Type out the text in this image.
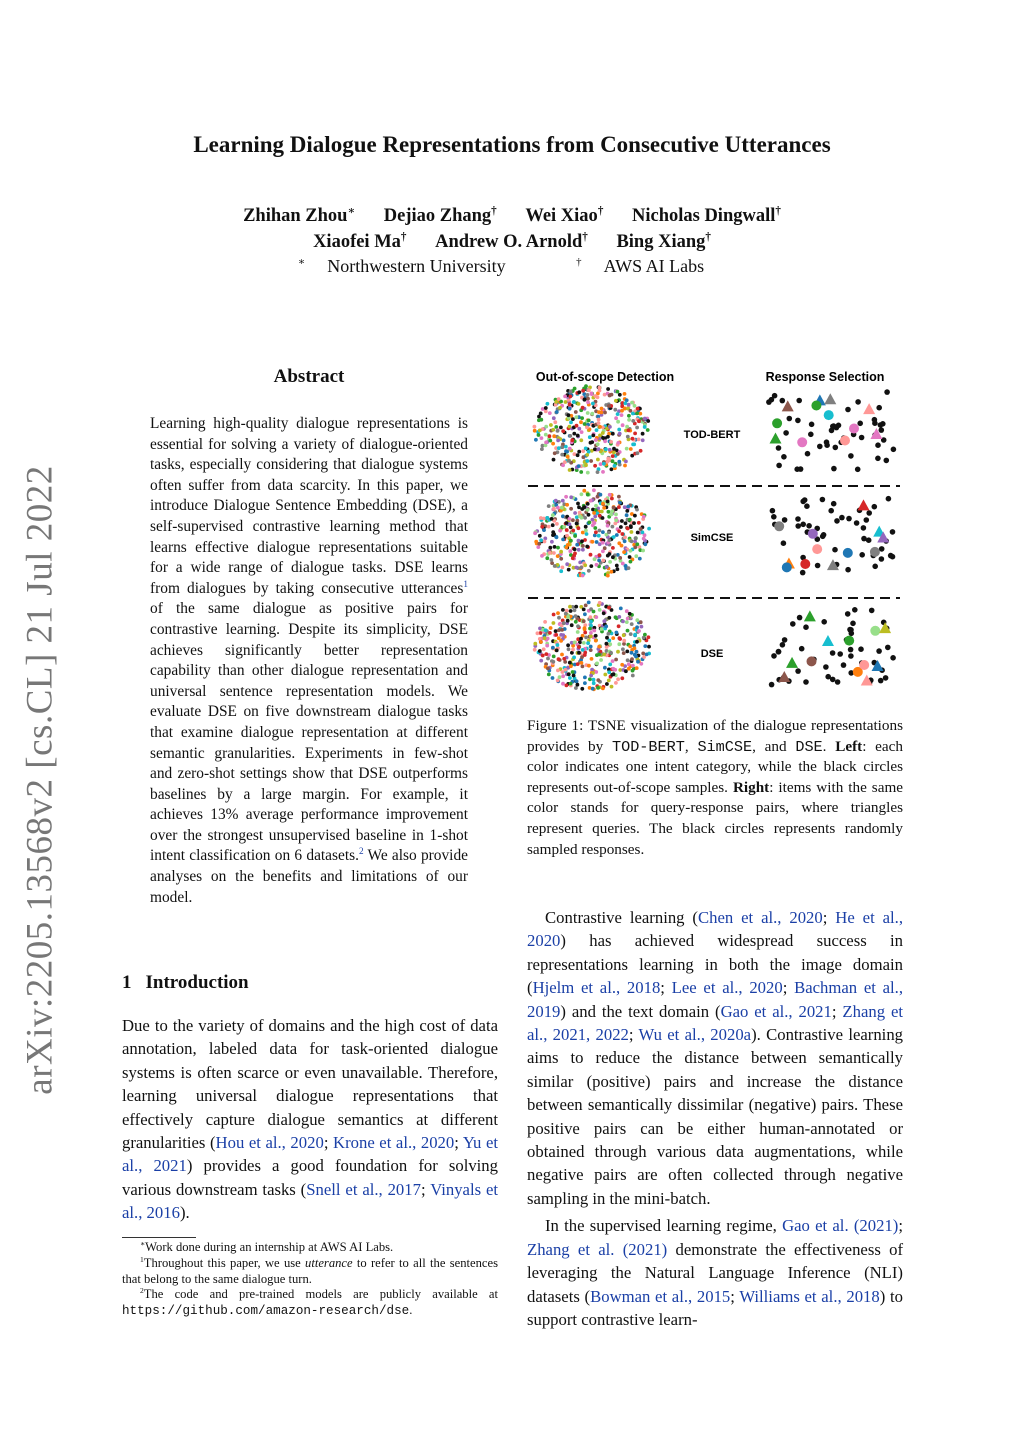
Learning Dialogue Representations from Consecutive Utterances
Zhihan Zhou∗ Dejiao Zhang† Wei Xiao† Nicholas Dingwall†
Xiaofei Ma† Andrew O. Arnold† Bing Xiang†
∗ Northwestern University	† AWS AI Labs
arXiv:2205.13568v2 [cs.CL] 21 Jul 2022
Abstract
Learning high-quality dialogue representations is essential for solving a variety of dialogue-oriented tasks, especially considering that dialogue systems often suffer from data scarcity. In this paper, we introduce Dialogue Sentence Embedding (DSE), a self-supervised contrastive learning method that learns effective dialogue representations suitable for a wide range of dialogue tasks. DSE learns from dialogues by taking consecutive utterances$^1$ of the same dialogue as positive pairs for contrastive learning. Despite its simplicity, DSE achieves significantly better representation capability than other dialogue representation and universal sentence representation models. We evaluate DSE on five downstream dialogue tasks that examine dialogue representation at different semantic granularities. Experiments in few-shot and zero-shot settings show that DSE outperforms baselines by a large margin. For example, it achieves 13% average performance improvement over the strongest unsupervised baseline in 1-shot intent classification on 6 datasets.$^2$ We also provide analyses on the benefits and limitations of our model.
1 Introduction
Due to the variety of domains and the high cost of data annotation, labeled data for task-oriented dialogue systems is often scarce or even unavailable. Therefore, learning universal dialogue representations that effectively capture dialogue semantics at different granularities (Hou et al., 2020; Krone et al., 2020; Yu et al., 2021) provides a good foundation for solving various downstream tasks (Snell et al., 2017; Vinyals et al., 2016).

∗Work done during an internship at AWS AI Labs.

$^1$Throughout this paper, we use utterance to refer to all the sentences that belong to the same dialogue turn.

$^2$The code and pre-trained models are publicly available at https://github.com/amazon-research/dse.

Out-of-scope Detection	Response Selection
TOD-BERT
SimCSE
DSE
Figure 1: TSNE visualization of the dialogue representations provides by TOD-BERT, SimCSE, and DSE. Left: each color indicates one intent category, while the black circles represents out-of-scope samples. Right: items with the same color stands for query-response pairs, where triangles represent queries. The black circles represents randomly sampled responses.

Contrastive learning (Chen et al., 2020; He et al., 2020) has achieved widespread success in representations learning in both the image domain (Hjelm et al., 2018; Lee et al., 2020; Bachman et al., 2019) and the text domain (Gao et al., 2021; Zhang et al., 2021, 2022; Wu et al., 2020a). Contrastive learning aims to reduce the distance between semantically similar (positive) pairs and increase the distance between semantically dissimilar (negative) pairs. These positive pairs can be either human-annotated or obtained through various data augmentations, while negative pairs are often collected through negative sampling in the mini-batch.

In the supervised learning regime, Gao et al. (2021); Zhang et al. (2021) demonstrate the effectiveness of leveraging the Natural Language Inference (NLI) datasets (Bowman et al., 2015; Williams et al., 2018) to support contrastive learn-
